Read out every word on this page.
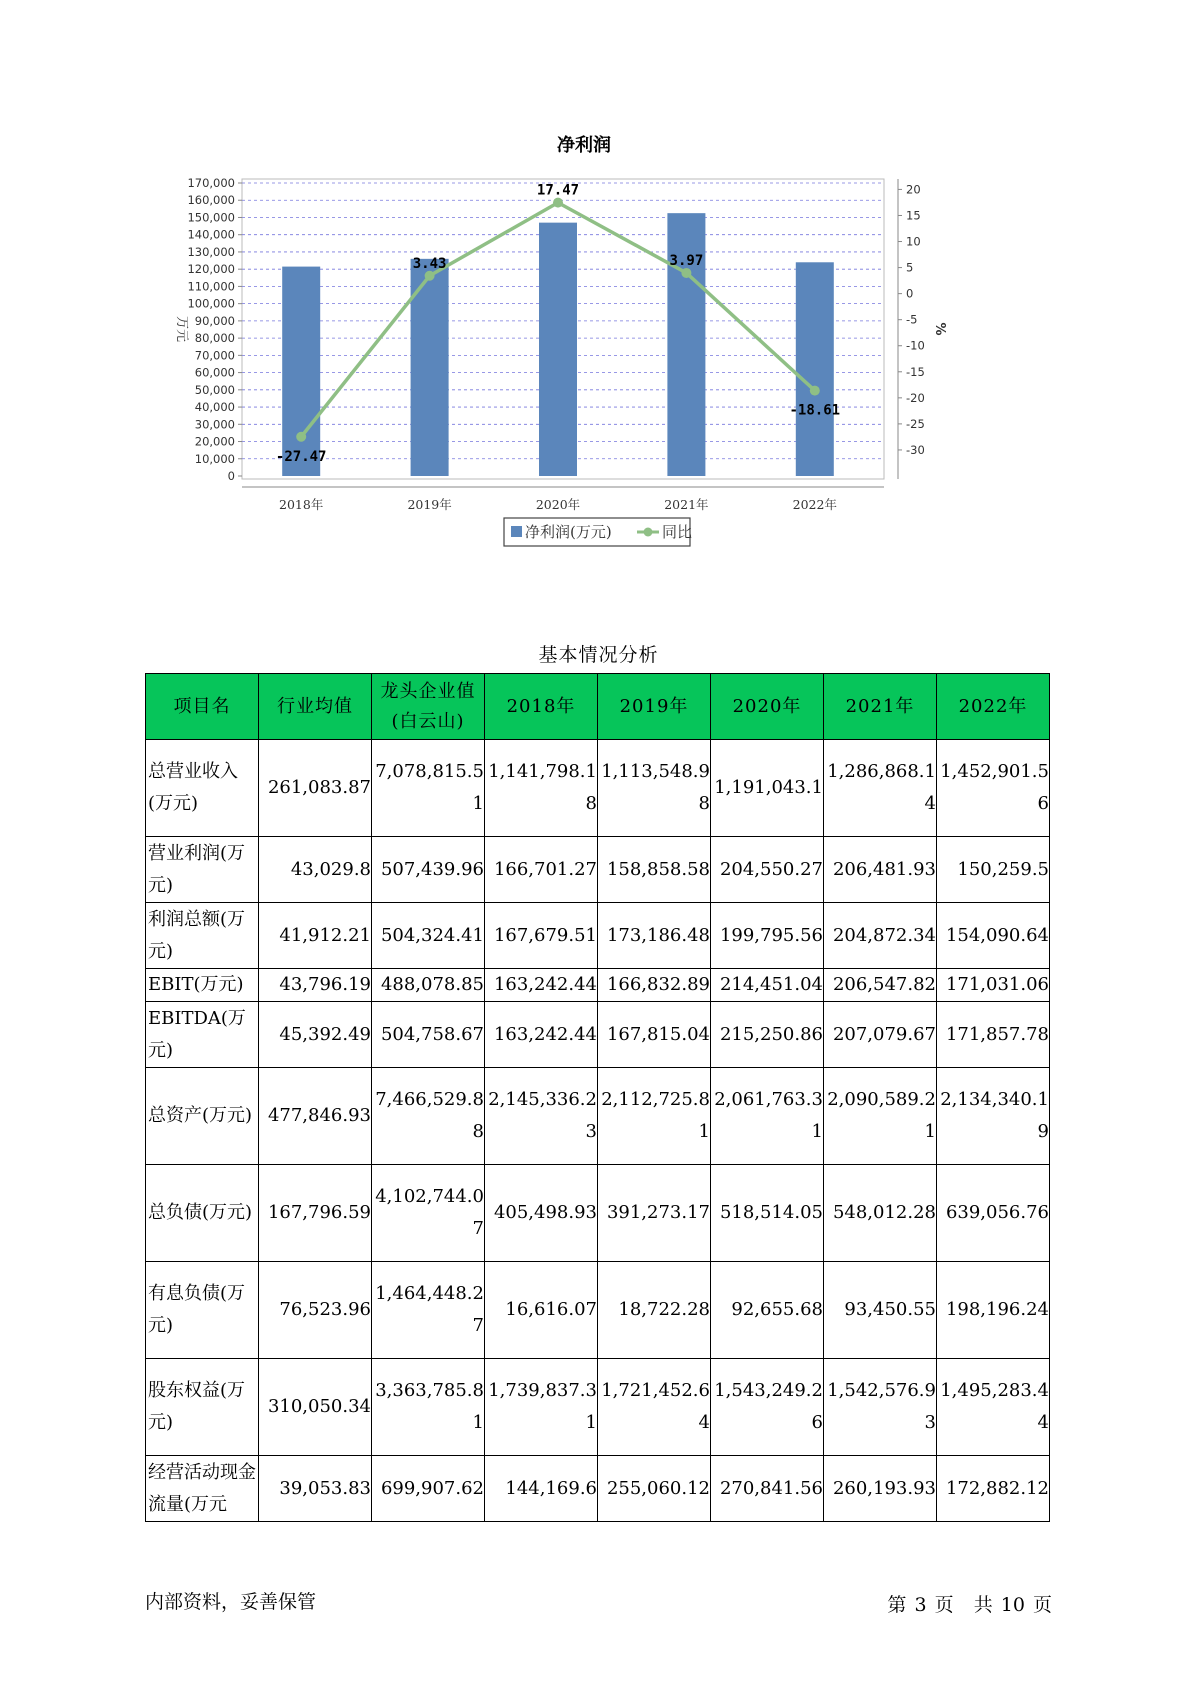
净利润
0
10,000
20,000
30,000
40,000
50,000
60,000
70,000
80,000
90,000
100,000
110,000
120,000
130,000
140,000
150,000
160,000
170,000	20
15
10
5
0
-5
-10
-15
-20
-25
-30
万元	%
2018年	2019年	2020年	2021年	2022年
-27.47
3.43
17.47
3.97
-18.61
净利润(万元)	同比
基本情况分析
项目名	行业均值	龙头企业值(白云山)	2018年	2019年	2020年	2021年	2022年
总营业收入(万元)	261,083.87	7,078,815.51	1,141,798.18	1,113,548.98	1,191,043.1	1,286,868.14	1,452,901.56
营业利润(万元)	43,029.8	507,439.96	166,701.27	158,858.58	204,550.27	206,481.93	150,259.5
利润总额(万元)	41,912.21	504,324.41	167,679.51	173,186.48	199,795.56	204,872.34	154,090.64
EBIT(万元)	43,796.19	488,078.85	163,242.44	166,832.89	214,451.04	206,547.82	171,031.06
EBITDA(万元)	45,392.49	504,758.67	163,242.44	167,815.04	215,250.86	207,079.67	171,857.78
总资产(万元)	477,846.93	7,466,529.88	2,145,336.23	2,112,725.81	2,061,763.31	2,090,589.21	2,134,340.19
总负债(万元)	167,796.59	4,102,744.07	405,498.93	391,273.17	518,514.05	548,012.28	639,056.76
有息负债(万元)	76,523.96	1,464,448.27	16,616.07	18,722.28	92,655.68	93,450.55	198,196.24
股东权益(万元)	310,050.34	3,363,785.81	1,739,837.31	1,721,452.64	1,543,249.26	1,542,576.93	1,495,283.44
经营活动现金流量(万元	39,053.83	699,907.62	144,169.6	255,060.12	270,841.56	260,193.93	172,882.12
内部资料，妥善保管	第 3 页 共 10 页
